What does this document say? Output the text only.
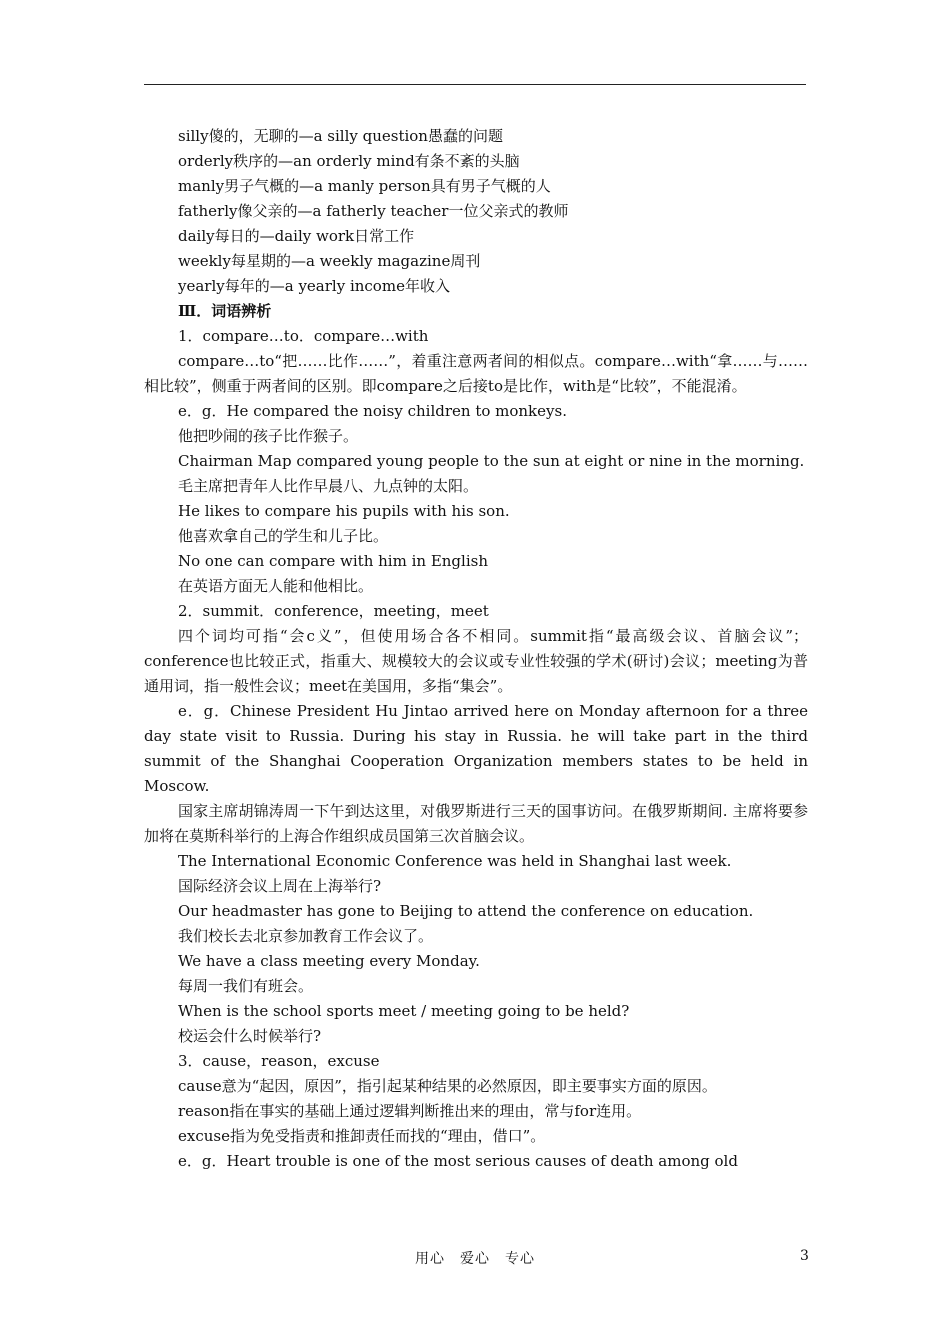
silly傻的，无聊的—a silly question愚蠢的问题
orderly秩序的—an orderly mind有条不紊的头脑
manly男子气概的—a manly person具有男子气概的人
fatherly像父亲的—a fatherly teacher一位父亲式的教师
daily每日的—daily work日常工作
weekly每星期的—a weekly magazine周刊
yearly每年的—a yearly income年收入
Ⅲ．词语辨析
1．compare…to．compare…with
compare…to“把……比作……”，着重注意两者间的相似点。compare…with“拿……与……相比较”，侧重于两者间的区别。即compare之后接to是比作，with是“比较”，不能混淆。
e．g．He compared the noisy children to monkeys.
他把吵闹的孩子比作猴子。
Chairman Map compared young people to the sun at eight or nine in the morning.
毛主席把青年人比作早晨八、九点钟的太阳。
He likes to compare his pupils with his son.
他喜欢拿自己的学生和儿子比。
No one can compare with him in English
在英语方面无人能和他相比。
2．summit．conference，meeting，meet
四个词均可指“会c义”，但使用场合各不相同。summit指“最高级会议、首脑会议”；conference也比较正式，指重大、规模较大的会议或专业性较强的学术(研讨)会议；meeting为普通用词，指一般性会议；meet在美国用，多指“集会”。
e．g．Chinese President Hu Jintao arrived here on Monday afternoon for a three day state visit to Russia. During his stay in Russia. he will take part in the third summit of the Shanghai Cooperation Organization members states to be held in Moscow.
国家主席胡锦涛周一下午到达这里，对俄罗斯进行三天的国事访问。在俄罗斯期间. 主席将要参加将在莫斯科举行的上海合作组织成员国第三次首脑会议。
The International Economic Conference was held in Shanghai last week.
国际经济会议上周在上海举行?
Our headmaster has gone to Beijing to attend the conference on education.
我们校长去北京参加教育工作会议了。
We have a class meeting every Monday.
每周一我们有班会。
When is the school sports meet / meeting going to be held?
校运会什么时候举行?
3．cause，reason，excuse
cause意为“起因，原因”，指引起某种结果的必然原因，即主要事实方面的原因。
reason指在事实的基础上通过逻辑判断推出来的理由，常与for连用。
excuse指为免受指责和推卸责任而找的“理由，借口”。
e．g．Heart trouble is one of the most serious causes of death among old
用心　爱心　专心	3
